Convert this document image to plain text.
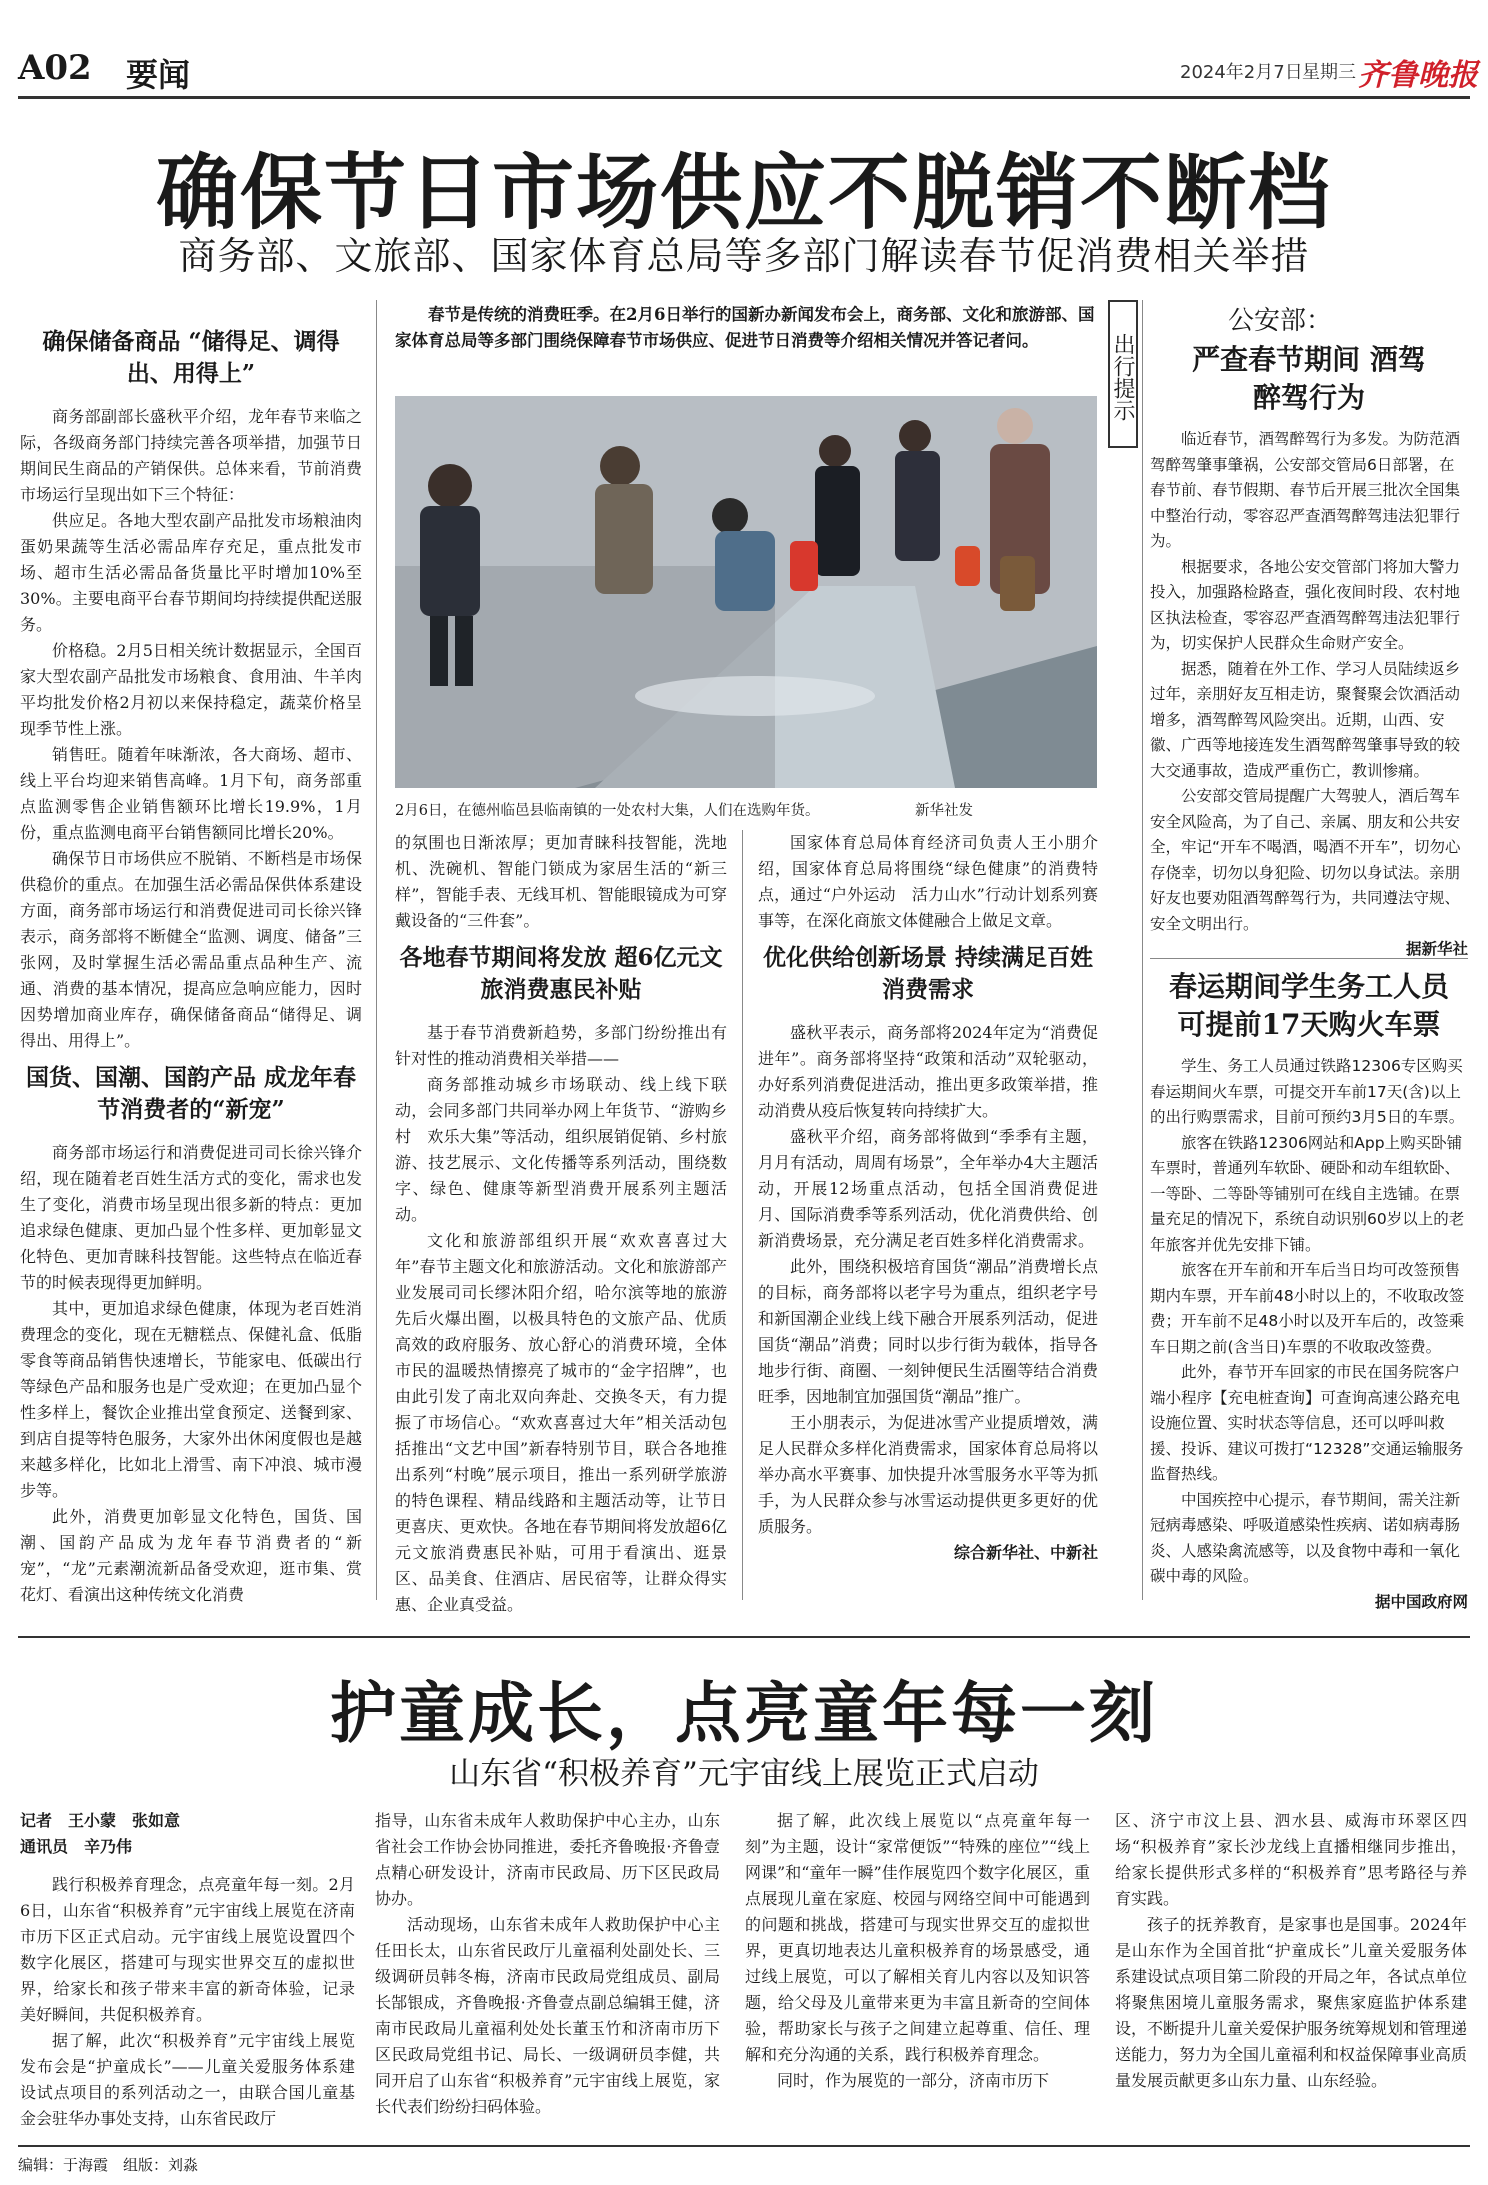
A02 要闻	2024年2月7日 星期三 齐鲁晚报
确保节日市场供应不脱销不断档
商务部、文旅部、国家体育总局等多部门解读春节促消费相关举措
确保储备商品 “储得足、调得出、用得上”

商务部副部长盛秋平介绍，龙年春节来临之际，各级商务部门持续完善各项举措，加强节日期间民生商品的产销保供。总体来看，节前消费市场运行呈现出如下三个特征：

供应足。各地大型农副产品批发市场粮油肉蛋奶果蔬等生活必需品库存充足，重点批发市场、超市生活必需品备货量比平时增加10%至30%。主要电商平台春节期间均持续提供配送服务。

价格稳。2月5日相关统计数据显示，全国百家大型农副产品批发市场粮食、食用油、牛羊肉平均批发价格2月初以来保持稳定，蔬菜价格呈现季节性上涨。

销售旺。随着年味渐浓，各大商场、超市、线上平台均迎来销售高峰。1月下旬，商务部重点监测零售企业销售额环比增长19.9%，1月份，重点监测电商平台销售额同比增长20%。

确保节日市场供应不脱销、不断档是市场保供稳价的重点。在加强生活必需品保供体系建设方面，商务部市场运行和消费促进司司长徐兴锋表示，商务部将不断健全“监测、调度、储备”三张网，及时掌握生活必需品重点品种生产、流通、消费的基本情况，提高应急响应能力，因时因势增加商业库存，确保储备商品“储得足、调得出、用得上”。

国货、国潮、国韵产品 成龙年春节消费者的“新宠”

商务部市场运行和消费促进司司长徐兴锋介绍，现在随着老百姓生活方式的变化，需求也发生了变化，消费市场呈现出很多新的特点：更加追求绿色健康、更加凸显个性多样、更加彰显文化特色、更加青睐科技智能。这些特点在临近春节的时候表现得更加鲜明。

其中，更加追求绿色健康，体现为老百姓消费理念的变化，现在无糖糕点、保健礼盒、低脂零食等商品销售快速增长，节能家电、低碳出行等绿色产品和服务也是广受欢迎；在更加凸显个性多样上，餐饮企业推出堂食预定、送餐到家、到店自提等特色服务，大家外出休闲度假也是越来越多样化，比如北上滑雪、南下冲浪、城市漫步等。

此外，消费更加彰显文化特色，国货、国潮、国韵产品成为龙年春节消费者的“新宠”，“龙”元素潮流新品备受欢迎，逛市集、赏花灯、看演出这种传统文化消费

春节是传统的消费旺季。在2月6日举行的国新办新闻发布会上，商务部、文化和旅游部、国家体育总局等多部门围绕保障春节市场供应、促进节日消费等介绍相关情况并答记者问。
2月6日，在德州临邑县临南镇的一处农村大集，人们在选购年货。	新华社发

的氛围也日渐浓厚；更加青睐科技智能，洗地机、洗碗机、智能门锁成为家居生活的“新三样”，智能手表、无线耳机、智能眼镜成为可穿戴设备的“三件套”。

各地春节期间将发放 超6亿元文旅消费惠民补贴

基于春节消费新趋势，多部门纷纷推出有针对性的推动消费相关举措——

商务部推动城乡市场联动、线上线下联动，会同多部门共同举办网上年货节、“游购乡村　欢乐大集”等活动，组织展销促销、乡村旅游、技艺展示、文化传播等系列活动，围绕数字、绿色、健康等新型消费开展系列主题活动。

文化和旅游部组织开展“欢欢喜喜过大年”春节主题文化和旅游活动。文化和旅游部产业发展司司长缪沐阳介绍，哈尔滨等地的旅游先后火爆出圈，以极具特色的文旅产品、优质高效的政府服务、放心舒心的消费环境，全体市民的温暖热情擦亮了城市的“金字招牌”，也由此引发了南北双向奔赴、交换冬天，有力提振了市场信心。“欢欢喜喜过大年”相关活动包括推出“文艺中国”新春特别节目，联合各地推出系列“村晚”展示项目，推出一系列研学旅游的特色课程、精品线路和主题活动等，让节日更喜庆、更欢快。各地在春节期间将发放超6亿元文旅消费惠民补贴，可用于看演出、逛景区、品美食、住酒店、居民宿等，让群众得实惠、企业真受益。

国家体育总局体育经济司负责人王小朋介绍，国家体育总局将围绕“绿色健康”的消费特点，通过“户外运动　活力山水”行动计划系列赛事等，在深化商旅文体健融合上做足文章。

优化供给创新场景 持续满足百姓消费需求

盛秋平表示，商务部将2024年定为“消费促进年”。商务部将坚持“政策和活动”双轮驱动，办好系列消费促进活动，推出更多政策举措，推动消费从疫后恢复转向持续扩大。

盛秋平介绍，商务部将做到“季季有主题，月月有活动，周周有场景”，全年举办4大主题活动，开展12场重点活动，包括全国消费促进月、国际消费季等系列活动，优化消费供给、创新消费场景，充分满足老百姓多样化消费需求。

此外，围绕积极培育国货“潮品”消费增长点的目标，商务部将以老字号为重点，组织老字号和新国潮企业线上线下融合开展系列活动，促进国货“潮品”消费；同时以步行街为载体，指导各地步行街、商圈、一刻钟便民生活圈等结合消费旺季，因地制宜加强国货“潮品”推广。

王小朋表示，为促进冰雪产业提质增效，满足人民群众多样化消费需求，国家体育总局将以举办高水平赛事、加快提升冰雪服务水平等为抓手，为人民群众参与冰雪运动提供更多更好的优质服务。

综合新华社、中新社
出行提示
公安部：
严查春节期间 酒驾醉驾行为

临近春节，酒驾醉驾行为多发。为防范酒驾醉驾肇事肇祸，公安部交管局6日部署，在春节前、春节假期、春节后开展三批次全国集中整治行动，零容忍严查酒驾醉驾违法犯罪行为。

根据要求，各地公安交管部门将加大警力投入，加强路检路查，强化夜间时段、农村地区执法检查，零容忍严查酒驾醉驾违法犯罪行为，切实保护人民群众生命财产安全。

据悉，随着在外工作、学习人员陆续返乡过年，亲朋好友互相走访，聚餐聚会饮酒活动增多，酒驾醉驾风险突出。近期，山西、安徽、广西等地接连发生酒驾醉驾肇事导致的较大交通事故，造成严重伤亡，教训惨痛。

公安部交管局提醒广大驾驶人，酒后驾车安全风险高，为了自己、亲属、朋友和公共安全，牢记“开车不喝酒，喝酒不开车”，切勿心存侥幸，切勿以身犯险、切勿以身试法。亲朋好友也要劝阻酒驾醉驾行为，共同遵法守规、安全文明出行。

据新华社
春运期间学生务工人员 可提前17天购火车票

学生、务工人员通过铁路12306专区购买春运期间火车票，可提交开车前17天(含)以上的出行购票需求，目前可预约3月5日的车票。

旅客在铁路12306网站和App上购买卧铺车票时，普通列车软卧、硬卧和动车组软卧、一等卧、二等卧等铺别可在线自主选铺。在票量充足的情况下，系统自动识别60岁以上的老年旅客并优先安排下铺。

旅客在开车前和开车后当日均可改签预售期内车票，开车前48小时以上的，不收取改签费；开车前不足48小时以及开车后的，改签乘车日期之前(含当日)车票的不收取改签费。

此外，春节开车回家的市民在国务院客户端小程序【充电桩查询】可查询高速公路充电设施位置、实时状态等信息，还可以呼叫救援、投诉、建议可拨打“12328”交通运输服务监督热线。

中国疾控中心提示，春节期间，需关注新冠病毒感染、呼吸道感染性疾病、诺如病毒肠炎、人感染禽流感等，以及食物中毒和一氧化碳中毒的风险。

据中国政府网
护童成长，点亮童年每一刻
山东省“积极养育”元宇宙线上展览正式启动
记者　王小蒙　张如意
通讯员　辛乃伟

践行积极养育理念，点亮童年每一刻。2月6日，山东省“积极养育”元宇宙线上展览在济南市历下区正式启动。元宇宙线上展览设置四个数字化展区，搭建可与现实世界交互的虚拟世界，给家长和孩子带来丰富的新奇体验，记录美好瞬间，共促积极养育。

据了解，此次“积极养育”元宇宙线上展览发布会是“护童成长”——儿童关爱服务体系建设试点项目的系列活动之一，由联合国儿童基金会驻华办事处支持，山东省民政厅

指导，山东省未成年人救助保护中心主办，山东省社会工作协会协同推进，委托齐鲁晚报·齐鲁壹点精心研发设计，济南市民政局、历下区民政局协办。

活动现场，山东省未成年人救助保护中心主任田长太，山东省民政厅儿童福利处副处长、三级调研员韩冬梅，济南市民政局党组成员、副局长郜银成，齐鲁晚报·齐鲁壹点副总编辑王健，济南市民政局儿童福利处处长董玉竹和济南市历下区民政局党组书记、局长、一级调研员李健，共同开启了山东省“积极养育”元宇宙线上展览，家长代表们纷纷扫码体验。

据了解，此次线上展览以“点亮童年每一刻”为主题，设计“家常便饭”“特殊的座位”“线上网课”和“童年一瞬”佳作展览四个数字化展区，重点展现儿童在家庭、校园与网络空间中可能遇到的问题和挑战，搭建可与现实世界交互的虚拟世界，更真切地表达儿童积极养育的场景感受，通过线上展览，可以了解相关育儿内容以及知识答题，给父母及儿童带来更为丰富且新奇的空间体验，帮助家长与孩子之间建立起尊重、信任、理解和充分沟通的关系，践行积极养育理念。

同时，作为展览的一部分，济南市历下

区、济宁市汶上县、泗水县、威海市环翠区四场“积极养育”家长沙龙线上直播相继同步推出，给家长提供形式多样的“积极养育”思考路径与养育实践。

孩子的抚养教育，是家事也是国事。2024年是山东作为全国首批“护童成长”儿童关爱服务体系建设试点项目第二阶段的开局之年，各试点单位将聚焦困境儿童服务需求，聚焦家庭监护体系建设，不断提升儿童关爱保护服务统筹规划和管理递送能力，努力为全国儿童福利和权益保障事业高质量发展贡献更多山东力量、山东经验。

编辑：于海霞　组版：刘淼
